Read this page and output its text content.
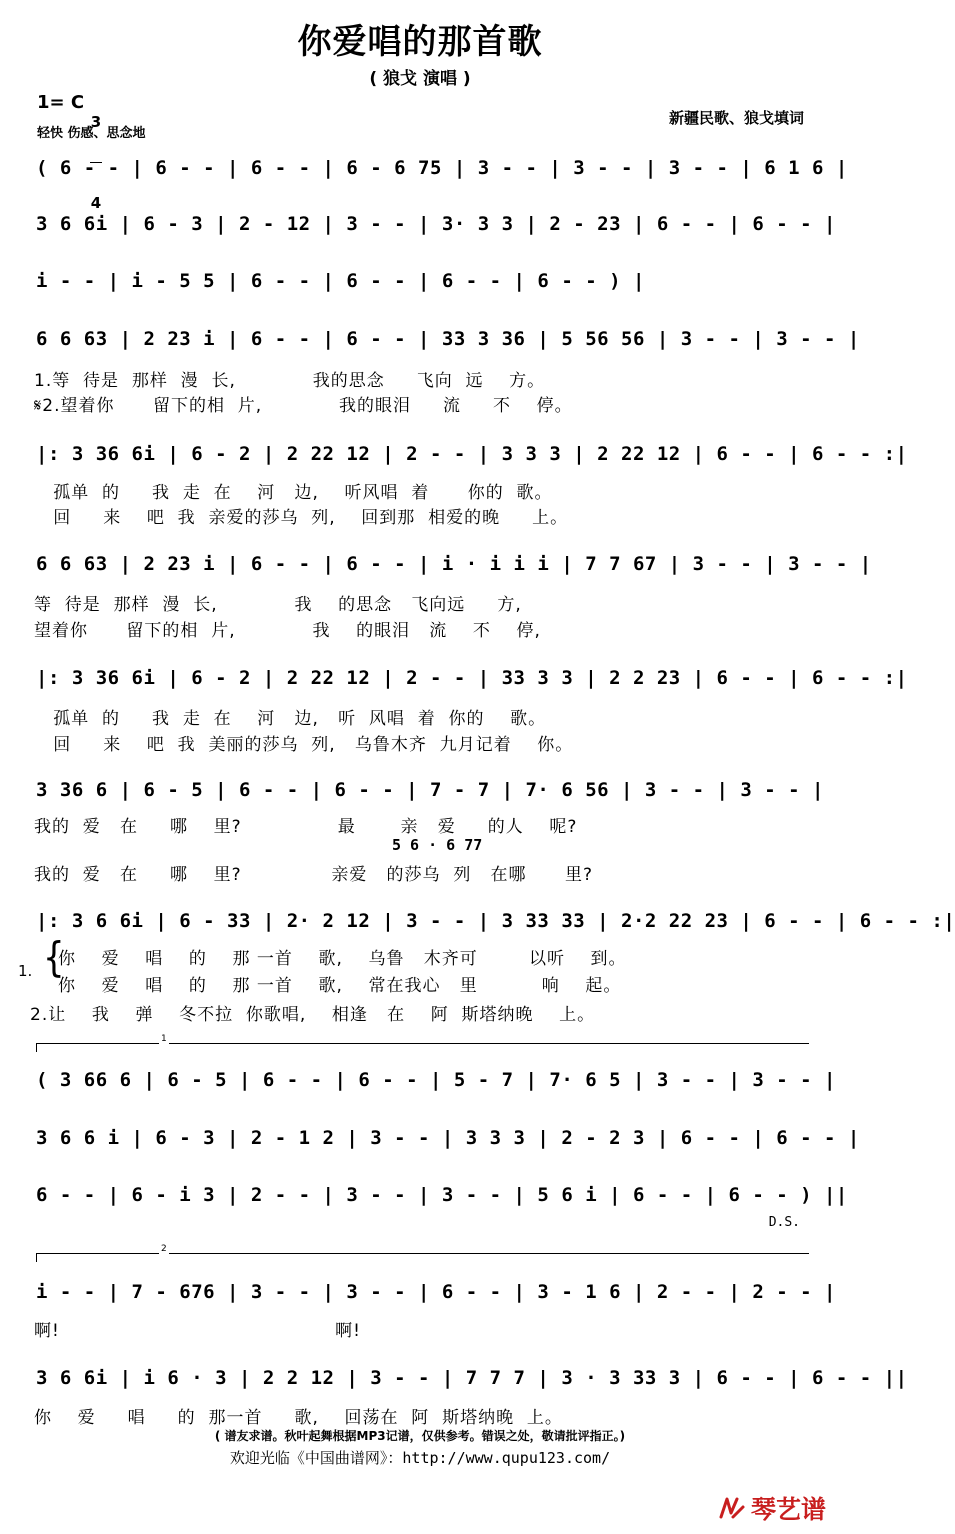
你爱唱的那首歌
( 狼戈 演唱 )
1= C

3

4

轻快 伤感、思念地
新疆民歌、狼戈填词
( 6 - - | 6 - - | 6 - - | 6 - 6 75 | 3 - - | 3 - - | 3 - - | 6 1 6 |
3 6 6i | 6 - 3 | 2 - 12 | 3 - - | 3· 3 3 | 2 - 23 | 6 - - | 6 - - |
i - - | i - 5 5 | 6 - - | 6 - - | 6 - - | 6 - - ) |
6 6 63 | 2 23 i | 6 - - | 6 - - | 33 3 36 | 5 56 56 | 3 - - | 3 - - |
1.等  待是  那样  漫  长,            我的思念     飞向  远    方。
𝄋2.望着你      留下的相  片,            我的眼泪     流     不    停。
|: 3 36 6i | 6 - 2 | 2 22 12 | 2 - - | 3 3 3 | 2 22 12 | 6 - - | 6 - - :|
孤单  的     我  走  在    河   边,    听风唱  着      你的  歌。
回     来    吧  我  亲爱的莎乌  列,    回到那  相爱的晚     上。
6 6 63 | 2 23 i | 6 - - | 6 - - | i · i i i | 7 7 67 | 3 - - | 3 - - |
等  待是  那样  漫  长,            我    的思念   飞向远     方,
望着你      留下的相  片,            我    的眼泪   流    不    停,
|: 3 36 6i | 6 - 2 | 2 22 12 | 2 - - | 33 3 3 | 2 2 23 | 6 - - | 6 - - :|
孤单  的     我  走  在    河   边,   听  风唱  着  你的    歌。
回     来    吧  我  美丽的莎乌  列,   乌鲁木齐  九月记着    你。
3 36 6 | 6 - 5 | 6 - - | 6 - - | 7 - 7 | 7· 6 56 | 3 - - | 3 - - |
我的  爱   在     哪    里?               最       亲   爱     的人    呢?
5 6 · 6 77
我的  爱   在     哪    里?              亲爱   的莎乌  列   在哪      里?
|: 3 6 6i | 6 - 33 | 2· 2 12 | 3 - - | 3 33 33 | 2·2 22 23 | 6 - - | 6 - - :|
1. {
你    爱    唱    的    那 一首    歌,    乌鲁   木齐可        以听    到。
你    爱    唱    的    那 一首    歌,    常在我心   里          响    起。
2.让    我    弹    冬不拉  你歌唱,    相逢   在    阿  斯塔纳晚    上。
1
( 3 66 6 | 6 - 5 | 6 - - | 6 - - | 5 - 7 | 7· 6 5 | 3 - - | 3 - - |
3 6 6 i | 6 - 3 | 2 - 1 2 | 3 - - | 3 3 3 | 2 - 2 3 | 6 - - | 6 - - |
6 - - | 6 - i 3 | 2 - - | 3 - - | 3 - - | 5 6 i | 6 - - | 6 - - ) ||
D.S.
2
i - - | 7 - 676 | 3 - - | 3 - - | 6 - - | 3 - 1 6 | 2 - - | 2 - - |
啊!                                           啊!
3 6 6i | i 6 · 3 | 2 2 12 | 3 - - | 7 7 7 | 3 · 3 33 3 | 6 - - | 6 - - ||
你    爱     唱     的  那一首     歌,    回荡在  阿  斯塔纳晚  上。
( 谱友求谱。秋叶起舞根据MP3记谱，仅供参考。错误之处，敬请批评指正。)
欢迎光临《中国曲谱网》：http://www.qupu123.com/
琴艺谱
